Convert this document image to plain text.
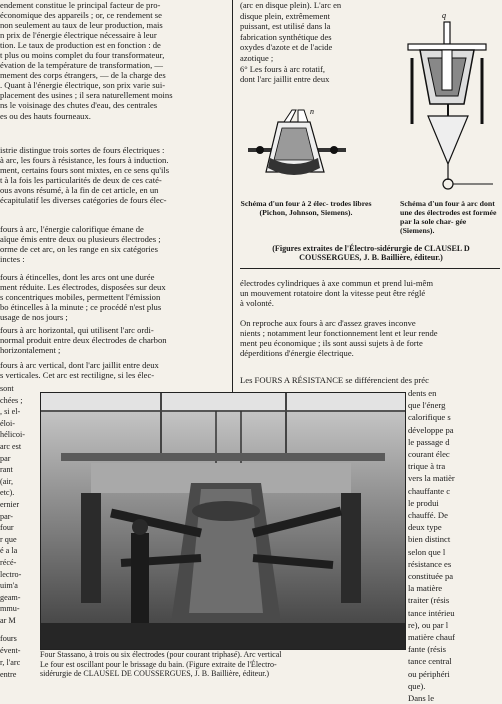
endement constitue le principal facteur de pro-
économique des appareils ; or, ce rendement se
non seulement au taux de leur production, mais
n prix de l'énergie électrique nécessaire à leur
tion. Le taux de production est en fonction : de
t plus ou moins complet du four transformateur,
évation de la température de transformation, —
mement des corps étrangers, — de la charge des
. Quant à l'énergie électrique, son prix varie sui-
placement des usines ; il sera naturellement moins
ns le voisinage des chutes d'eau, des centrales
es ou des hauts fourneaux.

istrie distingue trois sortes de fours électriques :
à arc, les fours à résistance, les fours à induction.
ment, certains fours sont mixtes, en ce sens qu'ils
t à la fois les particularités de deux de ces caté-
ous avons résumé, à la fin de cet article, en un
écapitulatif les diverses catégories de fours élec-

fours à arc, l'énergie calorifique émane de
aïque émis entre deux ou plusieurs électrodes ;
orme de cet arc, on les range en six catégories
inctes :

fours à étincelles, dont les arcs ont une durée
ment réduite. Les électrodes, disposées sur deux
s concentriques mobiles, permettent l'émission
bo étincelles à la minute ; ce procédé n'est plus
usage de nos jours ;

fours à arc horizontal, qui utilisent l'arc ordi-
normal produit entre deux électrodes de charbon
horizontalement ;

fours à arc vertical, dont l'arc jaillit entre deux
s verticales. Cet arc est rectiligne, si les élec-

sont
chées ;
, si el-
éloi-
hélicoi-
arc est
par
rant
(air,
etc).
ernier
par-
four
r que
é a la
récé-
lectro-
uim'a
geam-
mmu-
ar M

fours
évent-
r, l'arc
entre

(arc en disque plein). L'arc en
disque plein, extrêmement
puissant, est utilisé dans la
fabrication synthétique des
oxydes d'azote et de l'acide
azotique ;
6° Les fours à arc rotatif,
dont l'arc jaillit entre deux

n

Schéma d'un four à 2 élec- trodes libres (Pichon, Johnson, Siemens).

q

Schéma d'un four à arc dont une des électrodes est formée par la sole char- gée (Siemens).

(Figures extraites de l'Électro-sidérurgie de CLAUSEL D
COUSSERGUES, J. B. Baillière, éditeur.)

électrodes cylindriques à axe commun et prend lui-mêm
un mouvement rotatoire dont la vitesse peut être réglé
à volonté.

On reproche aux fours à arc d'assez graves inconve
nients ; notamment leur fonctionnement lent et leur rende
ment peu économique ; ils sont aussi sujets à de forte
déperditions d'énergie électrique.

Les FOURS A RÉSISTANCE se différencient des préc

dents en
que l'énerg
calorifique s
développe pa
le passage d
courant élec
trique à tra
vers la matièr
chauffante c
le produi
chauffé. De
deux type
bien distinct
selon que l
résistance es
constituée pa
la matière
traiter (résis
tance intérieu
re), ou par l
matière chauf
fante (résis
tance central
ou périphéri
que).
Dans le

Four Stassano, à trois ou six électrodes (pour courant triphasé). Arc vertical
Le four est oscillant pour le brissage du bain. (Figure extraite de l'Électro-
sidérurgie de CLAUSEL DE COUSSERGUES, J. B. Baillière, éditeur.)
